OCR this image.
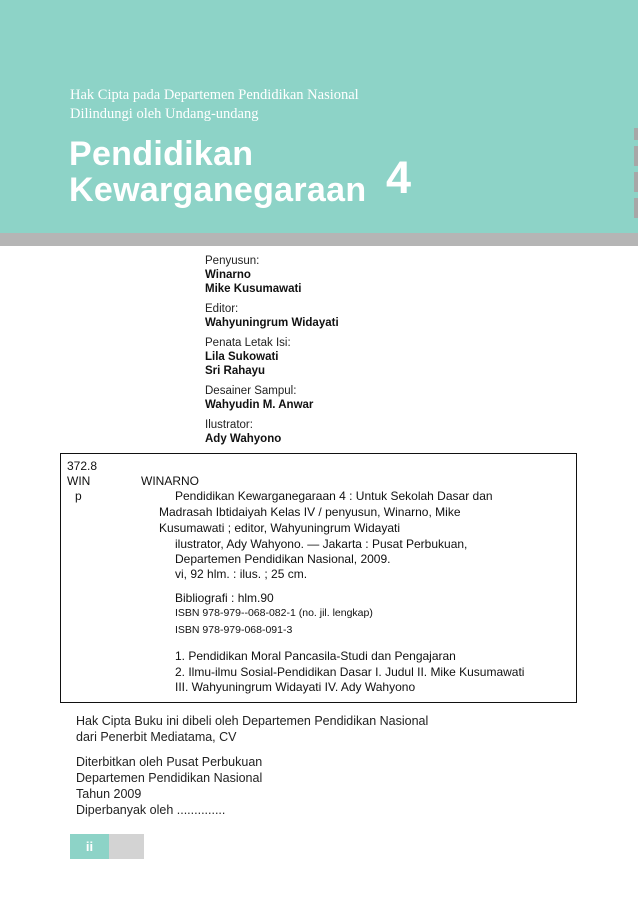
Hak Cipta pada Departemen Pendidikan Nasional
Dilindungi oleh Undang-undang
Pendidikan
Kewarganegaraan 4
Penyusun:
Winarno
Mike Kusumawati
Editor:
Wahyuningrum Widayati
Penata Letak Isi:
Lila Sukowati
Sri Rahayu
Desainer Sampul:
Wahyudin M. Anwar
Ilustrator:
Ady Wahyono
372.8
WIN	WINARNO
p	Pendidikan Kewarganegaraan 4 : Untuk Sekolah Dasar dan
Madrasah Ibtidaiyah Kelas IV / penyusun, Winarno, Mike
Kusumawati ; editor, Wahyuningrum Widayati
ilustrator, Ady Wahyono. — Jakarta : Pusat Perbukuan,
Departemen Pendidikan Nasional, 2009.
vi, 92 hlm. : ilus. ; 25 cm.
Bibliografi : hlm.90
ISBN 978-979--068-082-1 (no. jil. lengkap)
ISBN 978-979-068-091-3
1. Pendidikan Moral Pancasila-Studi dan Pengajaran
2. Ilmu-ilmu Sosial-Pendidikan Dasar I. Judul II. Mike Kusumawati
III. Wahyuningrum Widayati IV. Ady Wahyono
Hak Cipta Buku ini dibeli oleh Departemen Pendidikan Nasional
dari Penerbit Mediatama, CV
Diterbitkan oleh Pusat Perbukuan
Departemen Pendidikan Nasional
Tahun 2009
Diperbanyak oleh ..............
ii
